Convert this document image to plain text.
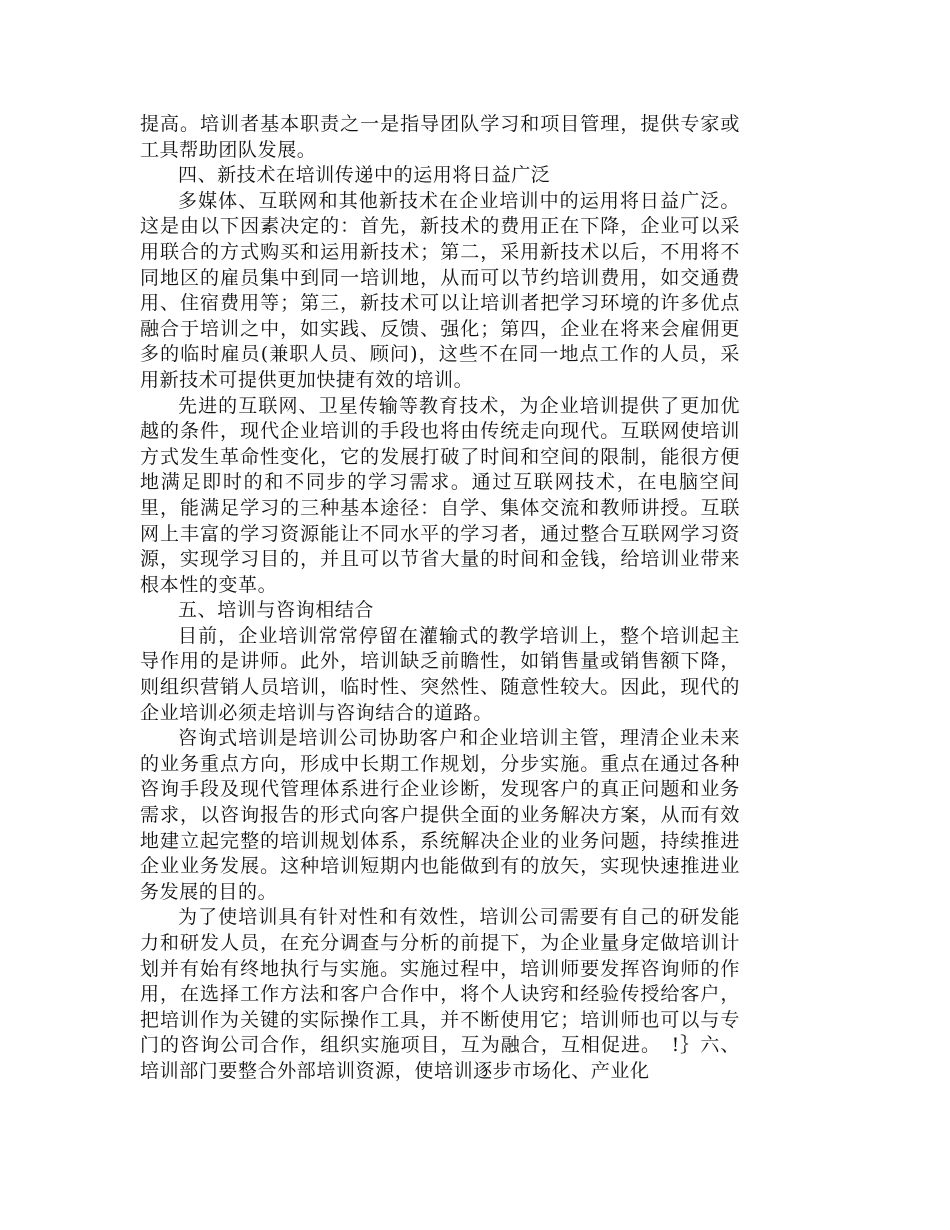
提高。培训者基本职责之一是指导团队学习和项目管理，提供专家或工具帮助团队发展。

四、新技术在培训传递中的运用将日益广泛

多媒体、互联网和其他新技术在企业培训中的运用将日益广泛。这是由以下因素决定的：首先，新技术的费用正在下降，企业可以采用联合的方式购买和运用新技术；第二，采用新技术以后，不用将不同地区的雇员集中到同一培训地，从而可以节约培训费用，如交通费用、住宿费用等；第三，新技术可以让培训者把学习环境的许多优点融合于培训之中，如实践、反馈、强化；第四，企业在将来会雇佣更多的临时雇员(兼职人员、顾问)，这些不在同一地点工作的人员，采用新技术可提供更加快捷有效的培训。

先进的互联网、卫星传输等教育技术，为企业培训提供了更加优越的条件，现代企业培训的手段也将由传统走向现代。互联网使培训方式发生革命性变化，它的发展打破了时间和空间的限制，能很方便地满足即时的和不同步的学习需求。通过互联网技术，在电脑空间里，能满足学习的三种基本途径：自学、集体交流和教师讲授。互联网上丰富的学习资源能让不同水平的学习者，通过整合互联网学习资源，实现学习目的，并且可以节省大量的时间和金钱，给培训业带来根本性的变革。

五、培训与咨询相结合

目前，企业培训常常停留在灌输式的教学培训上，整个培训起主导作用的是讲师。此外，培训缺乏前瞻性，如销售量或销售额下降，则组织营销人员培训，临时性、突然性、随意性较大。因此，现代的企业培训必须走培训与咨询结合的道路。

咨询式培训是培训公司协助客户和企业培训主管，理清企业未来的业务重点方向，形成中长期工作规划，分步实施。重点在通过各种咨询手段及现代管理体系进行企业诊断，发现客户的真正问题和业务需求，以咨询报告的形式向客户提供全面的业务解决方案，从而有效地建立起完整的培训规划体系，系统解决企业的业务问题，持续推进企业业务发展。这种培训短期内也能做到有的放矢，实现快速推进业务发展的目的。

为了使培训具有针对性和有效性，培训公司需要有自己的研发能力和研发人员，在充分调查与分析的前提下，为企业量身定做培训计划并有始有终地执行与实施。实施过程中，培训师要发挥咨询师的作用，在选择工作方法和客户合作中，将个人诀窍和经验传授给客户，把培训作为关键的实际操作工具，并不断使用它；培训师也可以与专门的咨询公司合作，组织实施项目，互为融合，互相促进。　!｝六、培训部门要整合外部培训资源，使培训逐步市场化、产业化
